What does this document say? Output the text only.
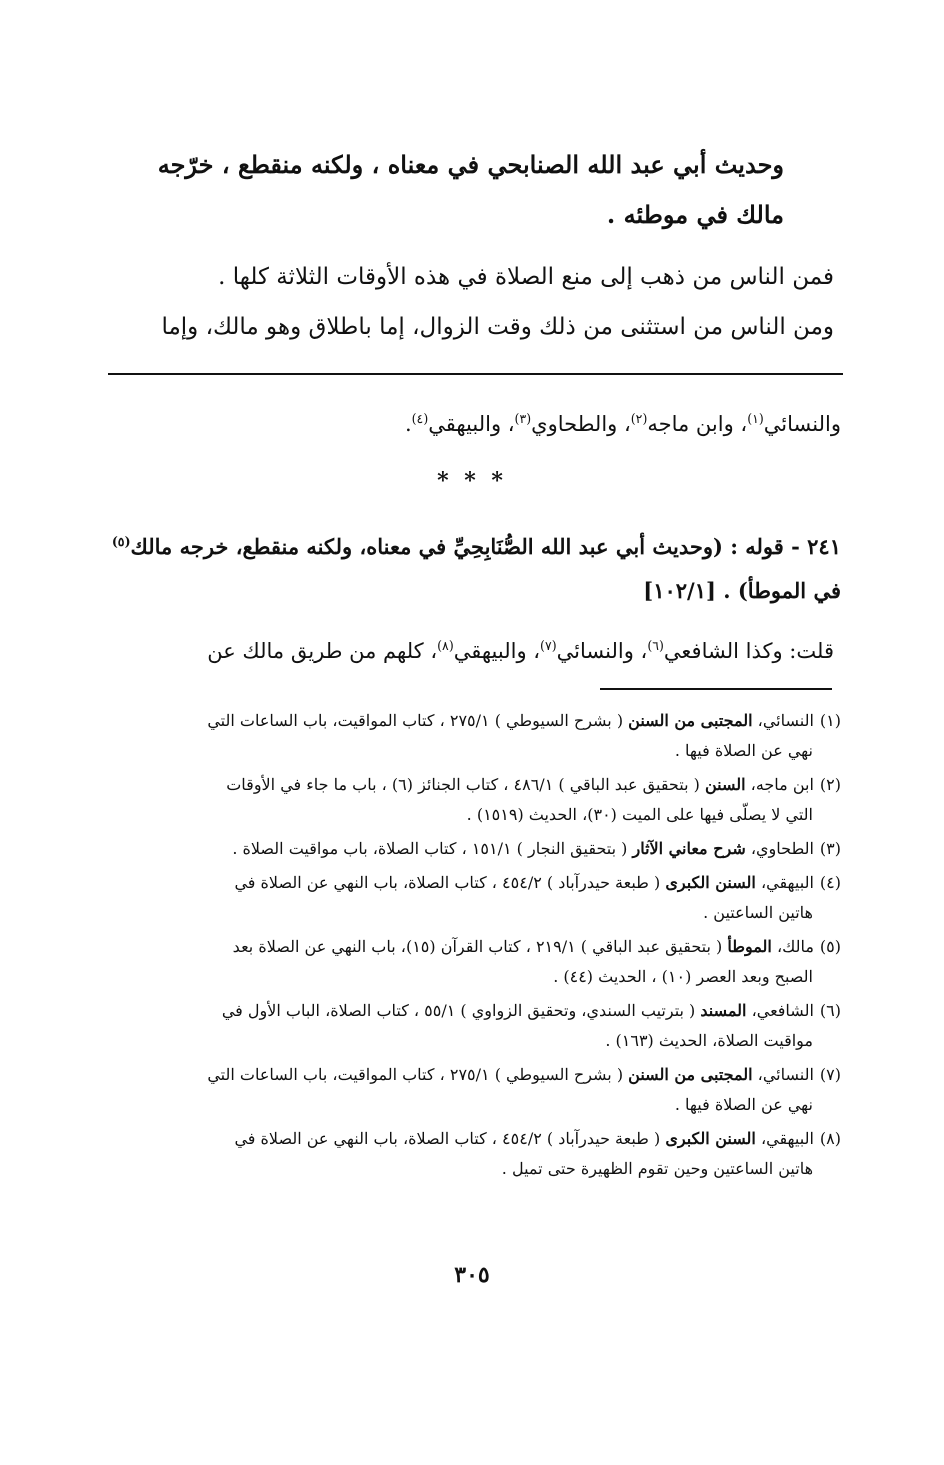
وحديث أبي عبد الله الصنابحي في معناه ، ولكنه منقطع ، خرّجه

مالك في موطئه .

فمن الناس من ذهب إلى منع الصلاة في هذه الأوقات الثلاثة كلها .

ومن الناس من استثنى من ذلك وقت الزوال، إما باطلاق وهو مالك، وإما

والنسائي$^{(١)}$، وابن ماجه$^{(٢)}$، والطحاوي$^{(٣)}$، والبيهقي$^{(٤)}$.
* * *

٢٤١ - قوله : (وحديث أبي عبد الله الصُّنَابِحِيِّ في معناه، ولكنه منقطع، خرجه مالك$^{(٥)}$

في الموطأ) . [١٠٢/١]

قلت: وكذا الشافعي$^{(٦)}$، والنسائي$^{(٧)}$، والبيهقي$^{(٨)}$، كلهم من طريق مالك عن

(١)النسائي، المجتبى من السنن ( بشرح السيوطي ) ٢٧٥/١ ، كتاب المواقيت، باب الساعات التي
نهي عن الصلاة فيها .

(٢)ابن ماجه، السنن ( بتحقيق عبد الباقي ) ٤٨٦/١ ، كتاب الجنائز (٦) ، باب ما جاء في الأوقات
التي لا يصلّى فيها على الميت (٣٠)، الحديث (١٥١٩) .

(٣)الطحاوي، شرح معاني الآثار ( بتحقيق النجار ) ١٥١/١ ، كتاب الصلاة، باب مواقيت الصلاة .

(٤)البيهقي، السنن الكبرى ( طبعة حيدرآباد ) ٤٥٤/٢ ، كتاب الصلاة، باب النهي عن الصلاة في
هاتين الساعتين .

(٥)مالك، الموطأ ( بتحقيق عبد الباقي ) ٢١٩/١ ، كتاب القرآن (١٥)، باب النهي عن الصلاة بعد
الصبح وبعد العصر (١٠) ، الحديث (٤٤) .

(٦)الشافعي، المسند ( بترتيب السندي، وتحقيق الزواوي ) ٥٥/١ ، كتاب الصلاة، الباب الأول في
مواقيت الصلاة، الحديث (١٦٣) .

(٧)النسائي، المجتبى من السنن ( بشرح السيوطي ) ٢٧٥/١ ، كتاب المواقيت، باب الساعات التي
نهي عن الصلاة فيها .

(٨)البيهقي، السنن الكبرى ( طبعة حيدرآباد ) ٤٥٤/٢ ، كتاب الصلاة، باب النهي عن الصلاة في
هاتين الساعتين وحين تقوم الظهيرة حتى تميل .

٣٠٥
